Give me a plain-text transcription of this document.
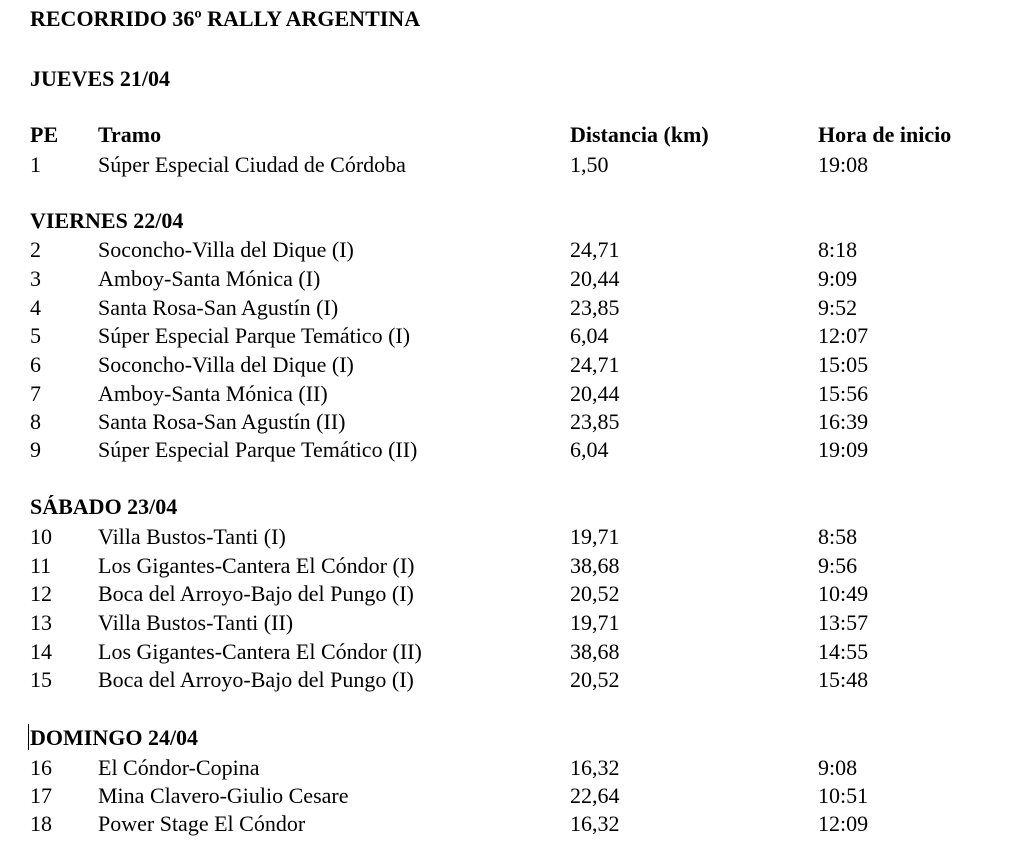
RECORRIDO 36º RALLY ARGENTINA
JUEVES 21/04
PE Tramo	Distancia (km)	Hora de inicio
1	Súper Especial Ciudad de Córdoba	1,50	19:08
VIERNES 22/04
2	Soconcho-Villa del Dique (I)	24,71	8:18
3	Amboy-Santa Mónica (I)	20,44	9:09
4	Santa Rosa-San Agustín (I)	23,85	9:52
5	Súper Especial Parque Temático (I)	6,04	12:07
6	Soconcho-Villa del Dique (I)	24,71	15:05
7	Amboy-Santa Mónica (II)	20,44	15:56
8	Santa Rosa-San Agustín (II)	23,85	16:39
9	Súper Especial Parque Temático (II)	6,04	19:09
SÁBADO 23/04
10 Villa Bustos-Tanti (I)	19,71	8:58
11 Los Gigantes-Cantera El Cóndor (I)	38,68	9:56
12 Boca del Arroyo-Bajo del Pungo (I)	20,52	10:49
13 Villa Bustos-Tanti (II)	19,71	13:57
14 Los Gigantes-Cantera El Cóndor (II)	38,68	14:55
15 Boca del Arroyo-Bajo del Pungo (I)	20,52	15:48
DOMINGO 24/04
16 El Cóndor-Copina	16,32	9:08
17 Mina Clavero-Giulio Cesare	22,64	10:51
18 Power Stage El Cóndor	16,32	12:09
